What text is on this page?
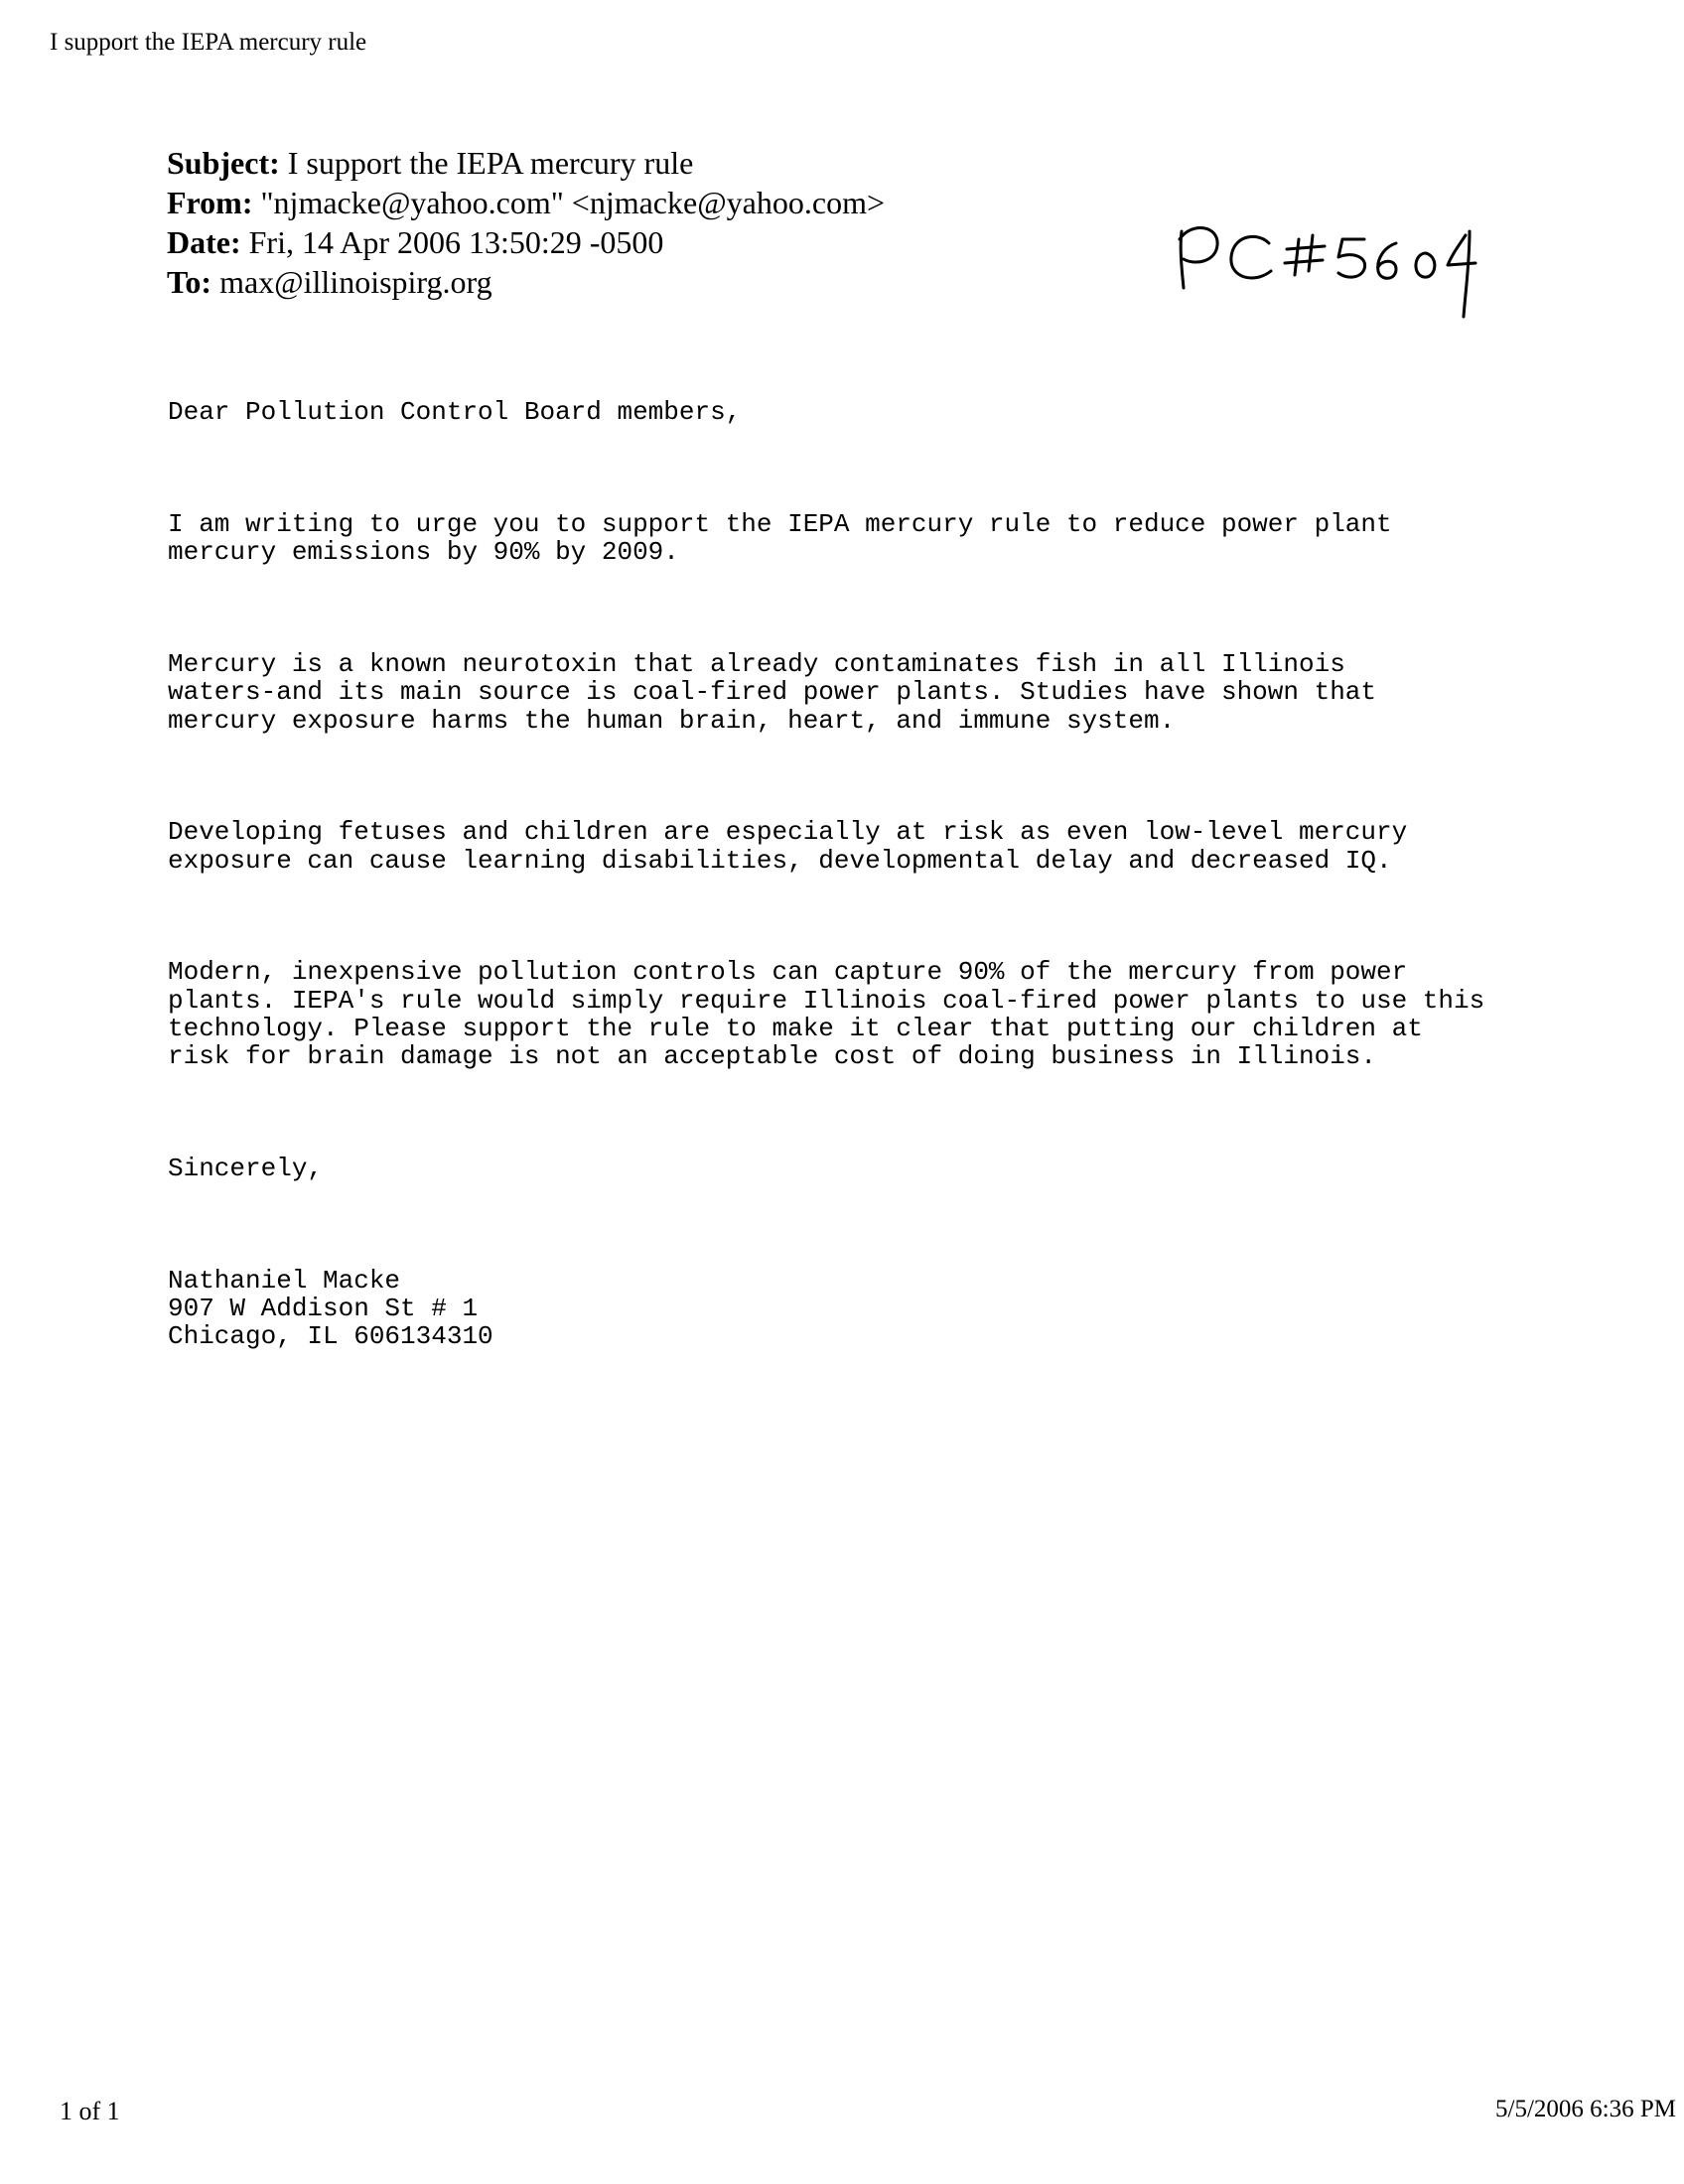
I support the IEPA mercury rule
Subject: I support the IEPA mercury rule
From: "njmacke@yahoo.com" <njmacke@yahoo.com>
Date: Fri, 14 Apr 2006 13:50:29 -0500
To: max@illinoispirg.org

Dear Pollution Control Board members,

I am writing to urge you to support the IEPA mercury rule to reduce power plant
mercury emissions by 90% by 2009.

Mercury is a known neurotoxin that already contaminates fish in all Illinois
waters-and its main source is coal-fired power plants. Studies have shown that
mercury exposure harms the human brain, heart, and immune system.

Developing fetuses and children are especially at risk as even low-level mercury
exposure can cause learning disabilities, developmental delay and decreased IQ.

Modern, inexpensive pollution controls can capture 90% of the mercury from power
plants. IEPA's rule would simply require Illinois coal-fired power plants to use this
technology. Please support the rule to make it clear that putting our children at
risk for brain damage is not an acceptable cost of doing business in Illinois.

Sincerely,

Nathaniel Macke
907 W Addison St # 1
Chicago, IL 606134310

1 of 1	5/5/2006 6:36 PM
